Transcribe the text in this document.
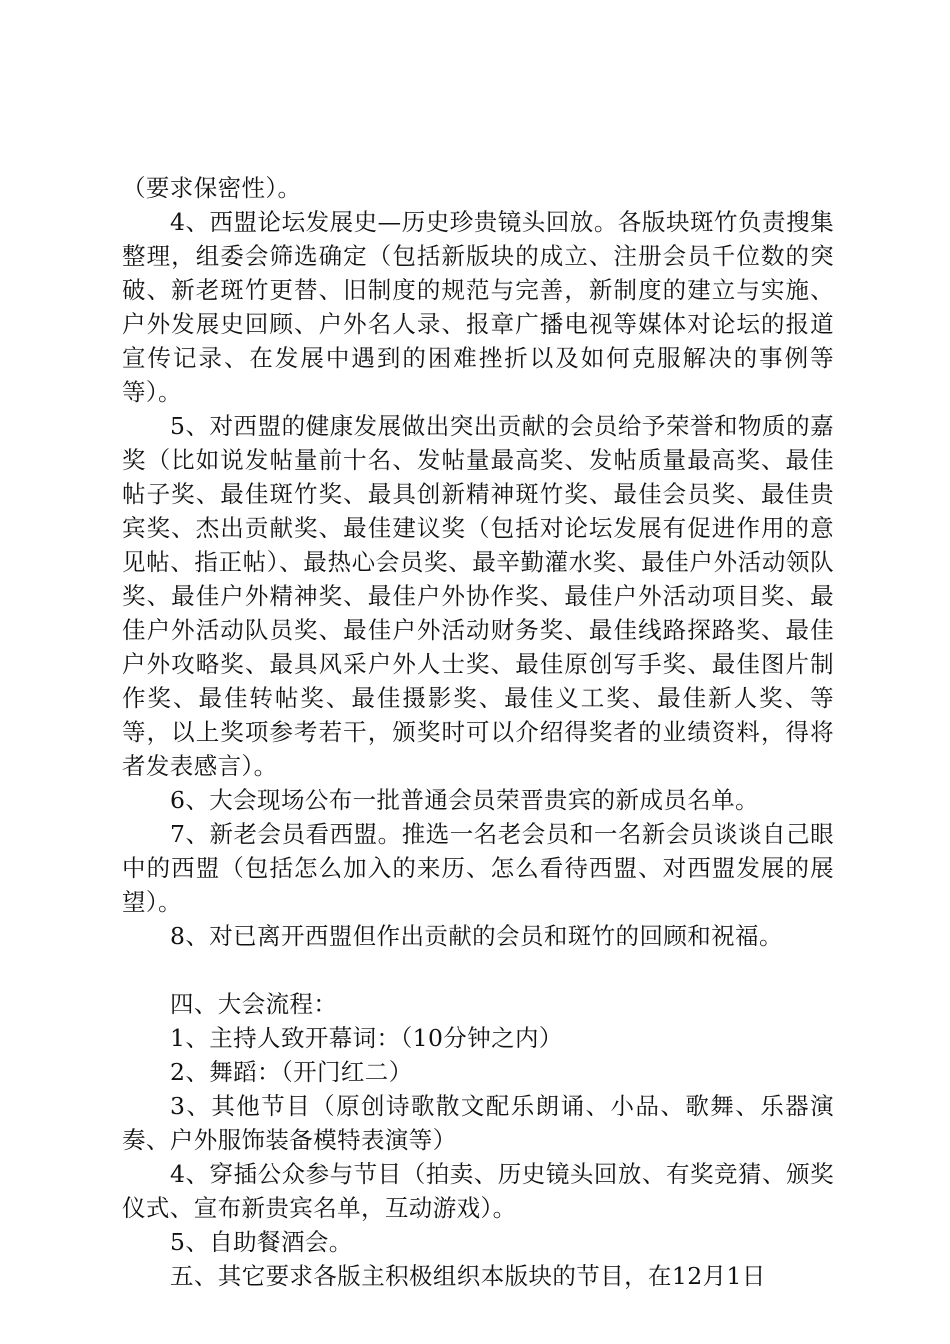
（要求保密性）。

4、西盟论坛发展史—历史珍贵镜头回放。各版块斑竹负责搜集整理，组委会筛选确定（包括新版块的成立、注册会员千位数的突破、新老斑竹更替、旧制度的规范与完善，新制度的建立与实施、户外发展史回顾、户外名人录、报章广播电视等媒体对论坛的报道宣传记录、在发展中遇到的困难挫折以及如何克服解决的事例等等）。

5、对西盟的健康发展做出突出贡献的会员给予荣誉和物质的嘉奖（比如说发帖量前十名、发帖量最高奖、发帖质量最高奖、最佳帖子奖、最佳斑竹奖、最具创新精神斑竹奖、最佳会员奖、最佳贵宾奖、杰出贡献奖、最佳建议奖（包括对论坛发展有促进作用的意见帖、指正帖）、最热心会员奖、最辛勤灌水奖、最佳户外活动领队奖、最佳户外精神奖、最佳户外协作奖、最佳户外活动项目奖、最佳户外活动队员奖、最佳户外活动财务奖、最佳线路探路奖、最佳户外攻略奖、最具风采户外人士奖、最佳原创写手奖、最佳图片制作奖、最佳转帖奖、最佳摄影奖、最佳义工奖、最佳新人奖、等等，以上奖项参考若干，颁奖时可以介绍得奖者的业绩资料，得将者发表感言）。

6、大会现场公布一批普通会员荣晋贵宾的新成员名单。

7、新老会员看西盟。推选一名老会员和一名新会员谈谈自己眼中的西盟（包括怎么加入的来历、怎么看待西盟、对西盟发展的展望）。

8、对已离开西盟但作出贡献的会员和斑竹的回顾和祝福。

四、大会流程：

1、主持人致开幕词：（10分钟之内）

2、舞蹈：（开门红二）

3、其他节目（原创诗歌散文配乐朗诵、小品、歌舞、乐器演奏、户外服饰装备模特表演等）

4、穿插公众参与节目（拍卖、历史镜头回放、有奖竞猜、颁奖仪式、宣布新贵宾名单，互动游戏）。

5、自助餐酒会。

五、其它要求各版主积极组织本版块的节目，在12月1日
